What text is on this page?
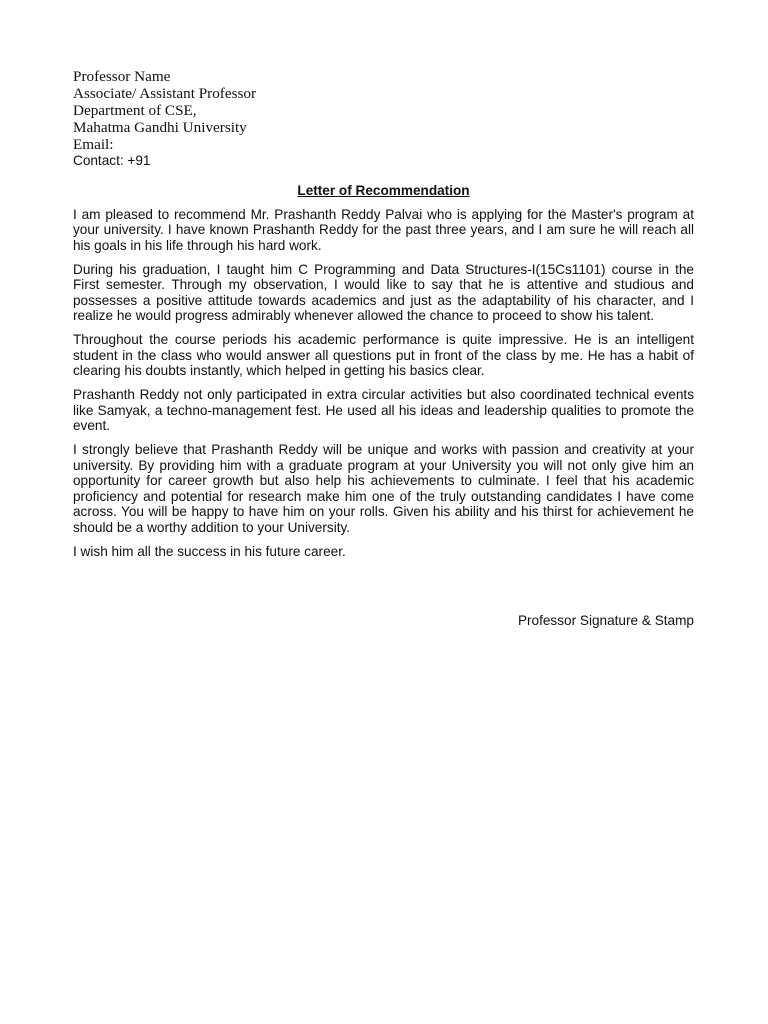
Professor Name
Associate/ Assistant Professor
Department of CSE,
Mahatma Gandhi University
Email:
Contact: +91
Letter of Recommendation

I am pleased to recommend Mr. Prashanth Reddy Palvai who is applying for the Master's program at your university. I have known Prashanth Reddy for the past three years, and I am sure he will reach all his goals in his life through his hard work.

During his graduation, I taught him C Programming and Data Structures-I(15Cs1101) course in the First semester. Through my observation, I would like to say that he is attentive and studious and possesses a positive attitude towards academics and just as the adaptability of his character, and I realize he would progress admirably whenever allowed the chance to proceed to show his talent.

Throughout the course periods his academic performance is quite impressive. He is an intelligent student in the class who would answer all questions put in front of the class by me. He has a habit of clearing his doubts instantly, which helped in getting his basics clear.

Prashanth Reddy not only participated in extra circular activities but also coordinated technical events like Samyak, a techno-management fest. He used all his ideas and leadership qualities to promote the event.

I strongly believe that Prashanth Reddy will be unique and works with passion and creativity at your university. By providing him with a graduate program at your University you will not only give him an opportunity for career growth but also help his achievements to culminate. I feel that his academic proficiency and potential for research make him one of the truly outstanding candidates I have come across. You will be happy to have him on your rolls. Given his ability and his thirst for achievement he should be a worthy addition to your University.

I wish him all the success in his future career.

Professor Signature & Stamp
